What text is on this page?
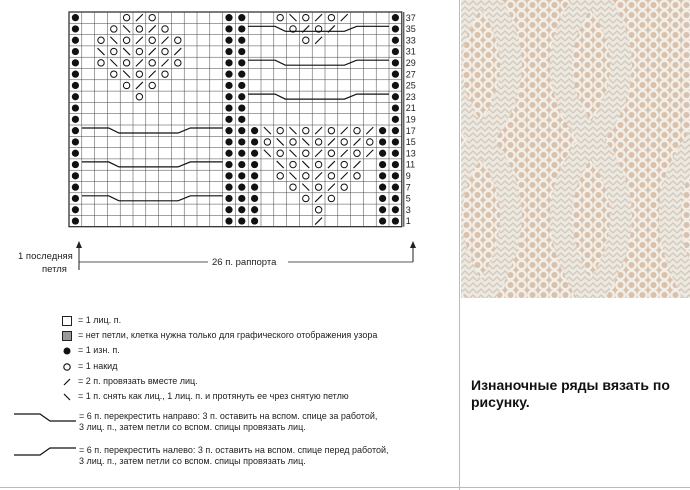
37
35
33
31
29
27
25
23
21
19
17
15
13
11
9
7
5
3
1
1 последняя
петля
26 п. раппорта
= 1 лиц. п.
= нет петли, клетка нужна только для графического отображения узора
= 1 изн. п.
= 1 накид
= 2 п. провязать вместе лиц.
= 1 п. снять как лиц., 1 лиц. п. и протянуть ее чрез снятую петлю
= 6 п. перекрестить направо: 3 п. оставить на вспом. спице за работой,
3 лиц. п., затем петли со вспом. спицы провязать лиц.
= 6 п. перекрестить налево: 3 п. оставить на вспом. спице перед работой,
3 лиц. п., затем петли со вспом. спицы провязать лиц.
Изнаночные ряды вязать по рисунку.
